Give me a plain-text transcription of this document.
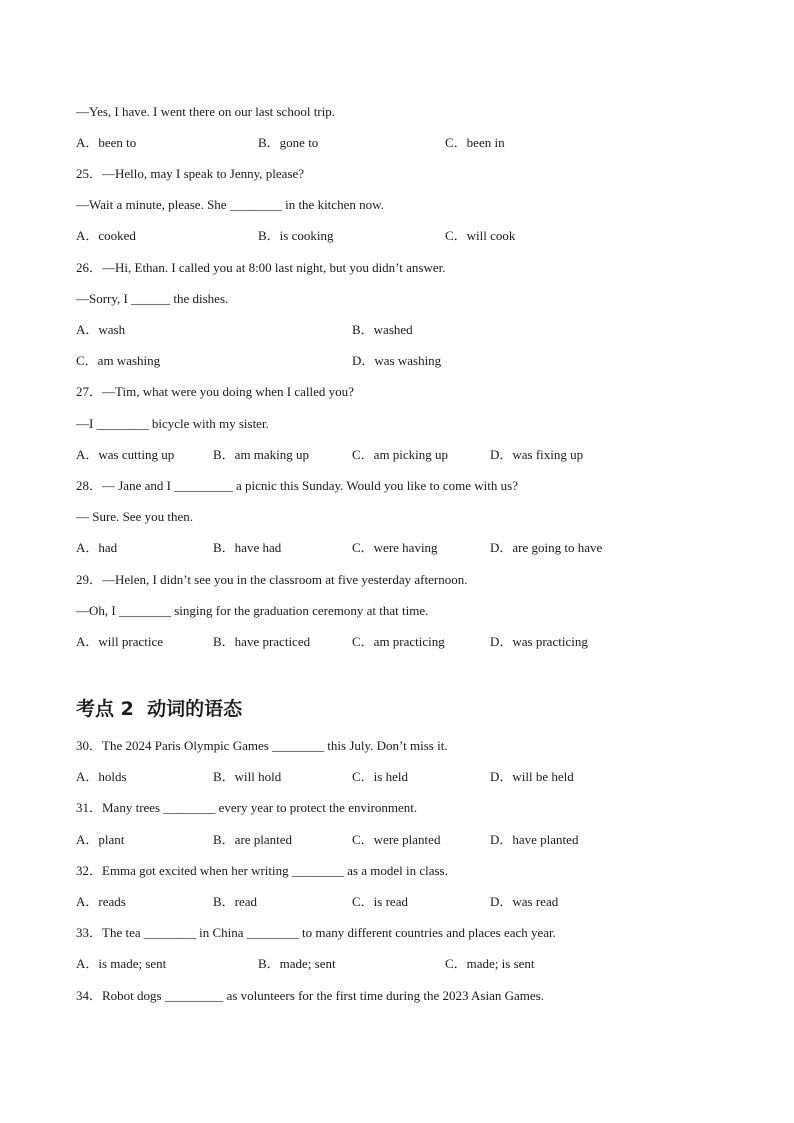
—Yes, I have. I went there on our last school trip.
A．been to	B．gone to	C．been in
25．—Hello, may I speak to Jenny, please?
—Wait a minute, please. She ________ in the kitchen now.
A．cooked	B．is cooking	C．will cook
26．—Hi, Ethan. I called you at 8:00 last night, but you didn’t answer.
—Sorry, I ______ the dishes.
A．wash	B．washed
C．am washing	D．was washing
27．—Tim, what were you doing when I called you?
—I ________ bicycle with my sister.
A．was cutting up	B．am making up	C．am picking up	D．was fixing up
28．— Jane and I _________ a picnic this Sunday. Would you like to come with us?
— Sure. See you then.
A．had	B．have had	C．were having	D．are going to have
29．—Helen, I didn’t see you in the classroom at five yesterday afternoon.
—Oh, I ________ singing for the graduation ceremony at that time.
A．will practice	B．have practiced	C．am practicing	D．was practicing
考点 2  动词的语态
30．The 2024 Paris Olympic Games ________ this July. Don’t miss it.
A．holds	B．will hold	C．is held	D．will be held
31．Many trees ________ every year to protect the environment.
A．plant	B．are planted	C．were planted	D．have planted
32．Emma got excited when her writing ________ as a model in class.
A．reads	B．read	C．is read	D．was read
33．The tea ________ in China ________ to many different countries and places each year.
A．is made; sent	B．made; sent	C．made; is sent
34．Robot dogs _________ as volunteers for the first time during the 2023 Asian Games.
